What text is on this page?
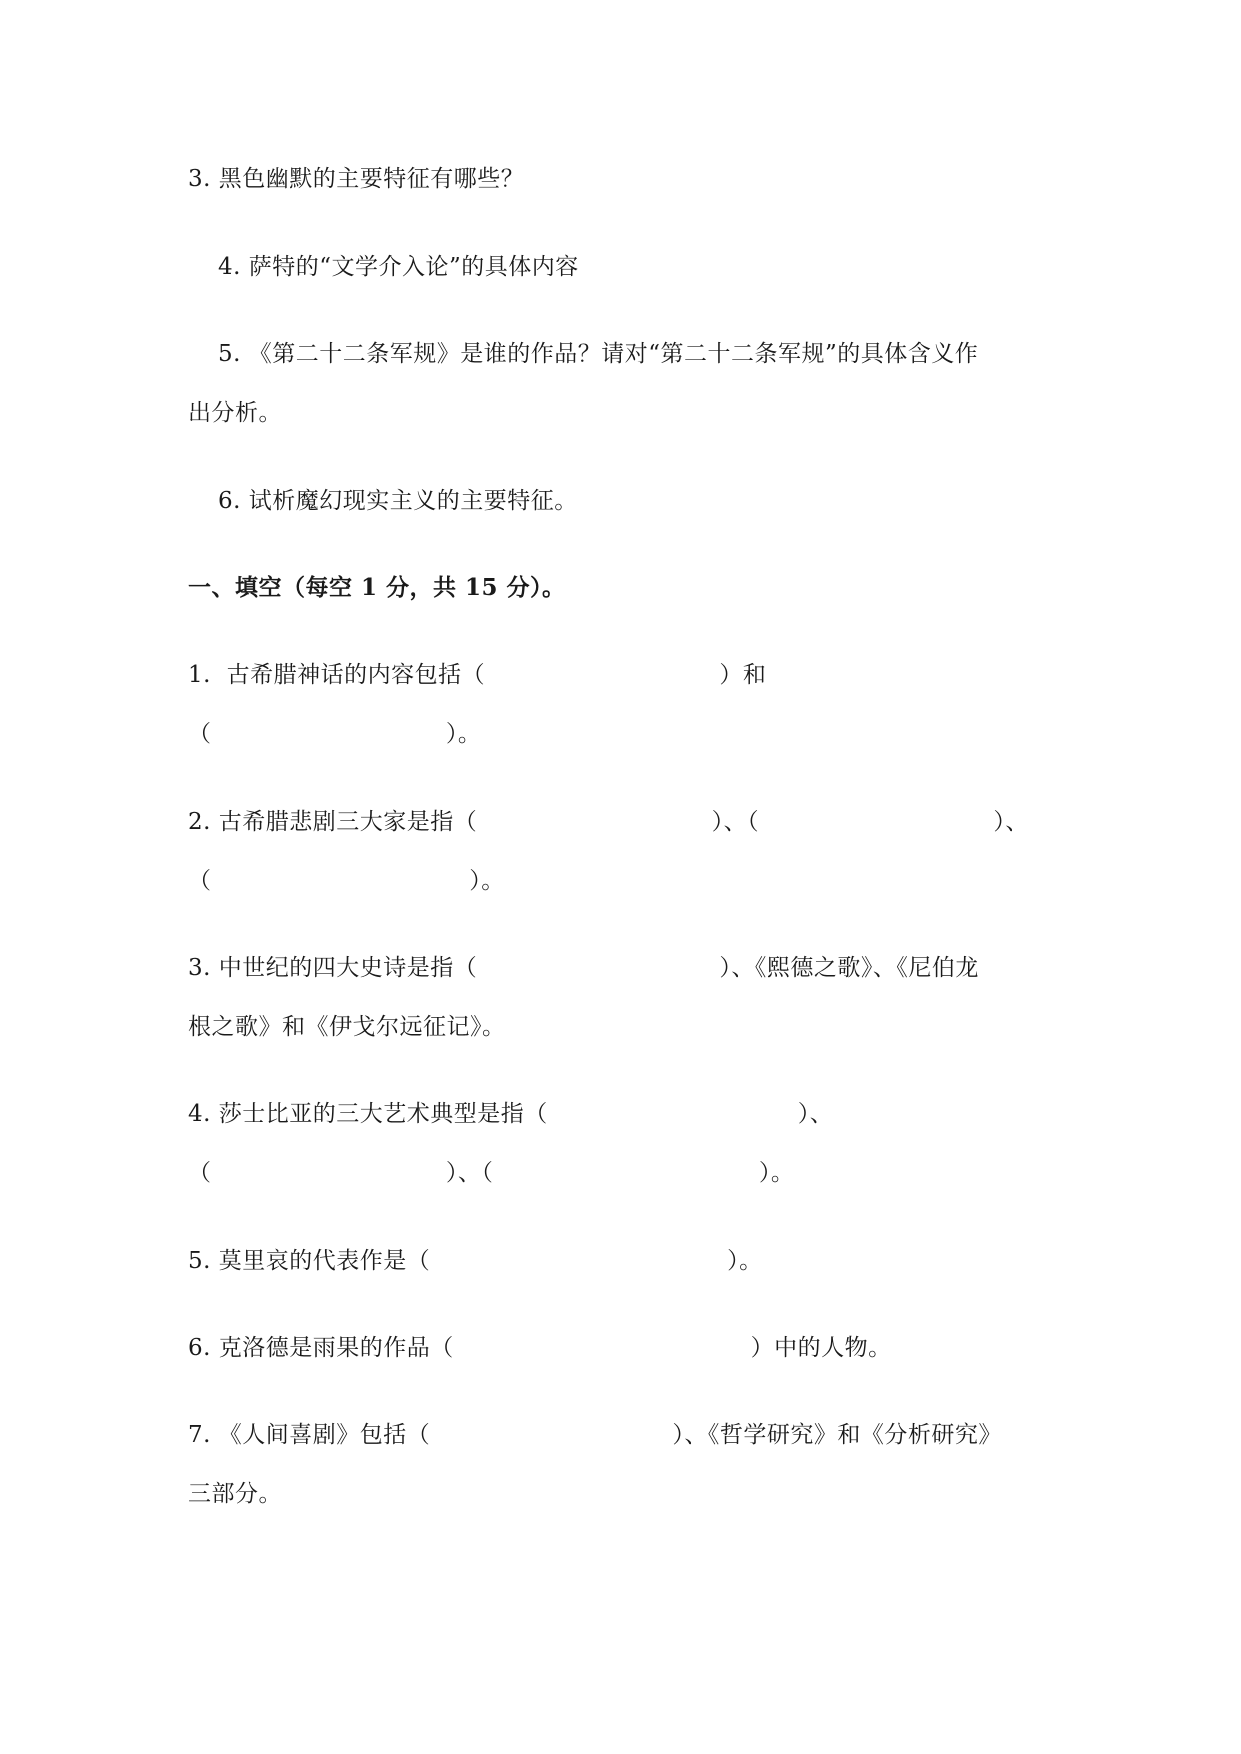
3. 黑色幽默的主要特征有哪些？
4. 萨特的“文学介入论”的具体内容
5. 《第二十二条军规》是谁的作品？请对“第二十二条军规”的具体含义作
出分析。
6. 试析魔幻现实主义的主要特征。
一、填空（每空 1 分，共 15 分）。
1.  古希腊神话的内容包括（                              ）和
（                              ）。
2. 古希腊悲剧三大家是指（                              ）、（                              ）、
（                                 ）。
3. 中世纪的四大史诗是指（                               ）、《熙德之歌》、《尼伯龙
根之歌》和《伊戈尔远征记》。
4. 莎士比亚的三大艺术典型是指（                                ）、
（                              ）、（                                  ）。
5. 莫里哀的代表作是（                                      ）。
6. 克洛德是雨果的作品（                                      ）中的人物。
7. 《人间喜剧》包括（                               ）、《哲学研究》和《分析研究》
三部分。
